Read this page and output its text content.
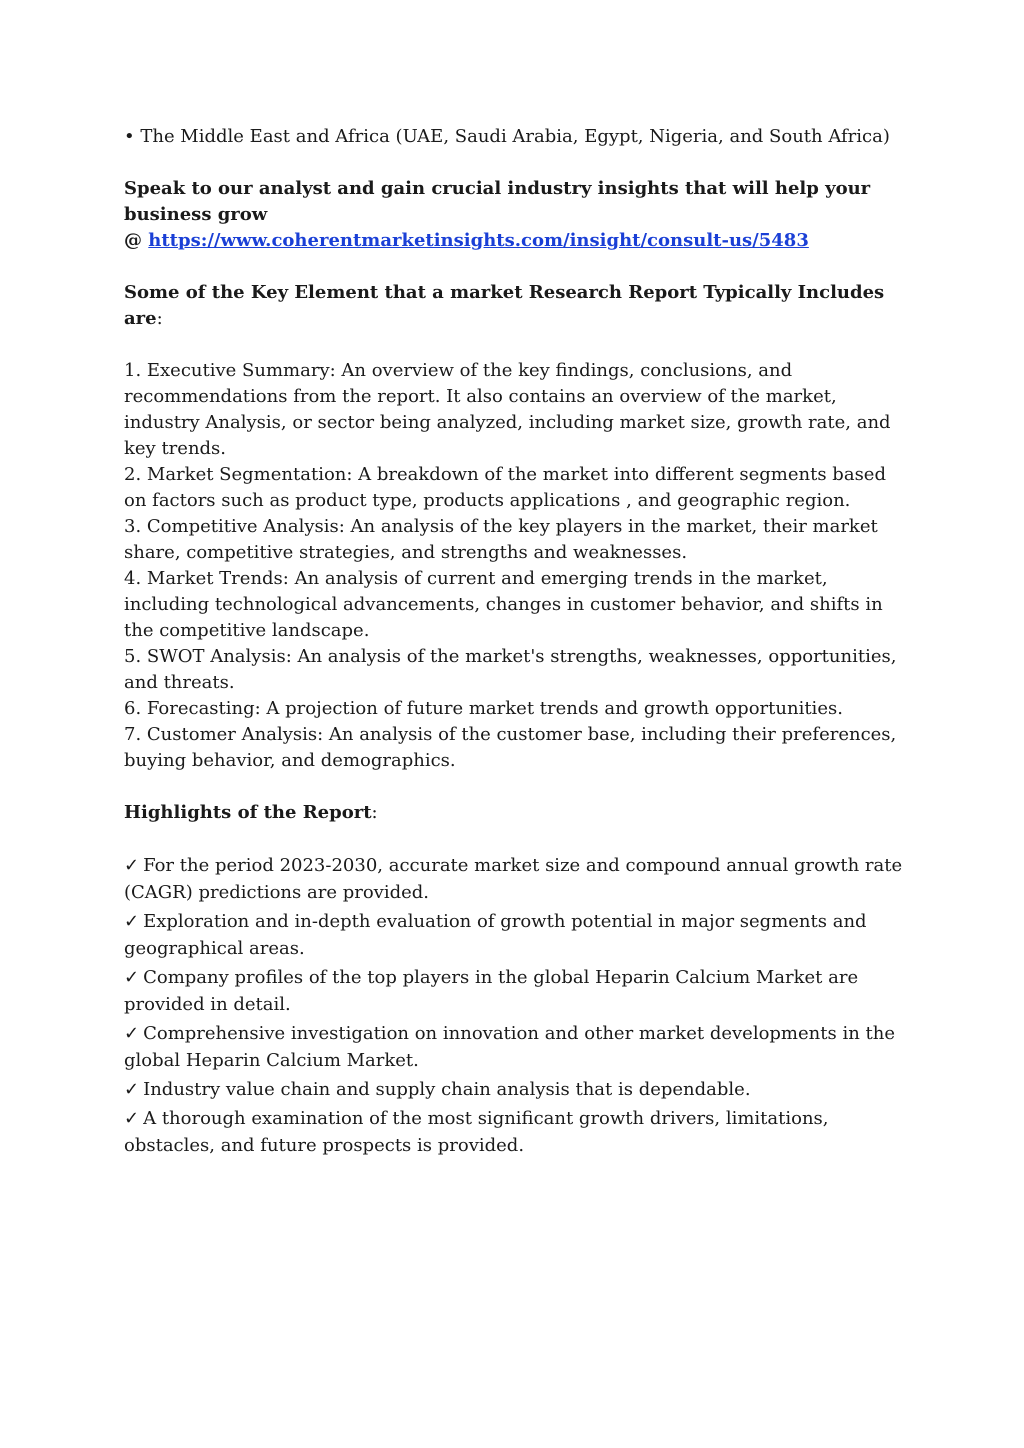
• The Middle East and Africa (UAE, Saudi Arabia, Egypt, Nigeria, and South Africa)

Speak to our analyst and gain crucial industry insights that will help your business grow

@ https://www.coherentmarketinsights.com/insight/consult-us/5483

Some of the Key Element that a market Research Report Typically Includes are:

1. Executive Summary: An overview of the key findings, conclusions, and recommendations from the report. It also contains an overview of the market, industry Analysis, or sector being analyzed, including market size, growth rate, and key trends.

2. Market Segmentation: A breakdown of the market into different segments based on factors such as product type, products applications , and geographic region.

3. Competitive Analysis: An analysis of the key players in the market, their market share, competitive strategies, and strengths and weaknesses.

4. Market Trends: An analysis of current and emerging trends in the market, including technological advancements, changes in customer behavior, and shifts in the competitive landscape.

5. SWOT Analysis: An analysis of the market's strengths, weaknesses, opportunities, and threats.

6. Forecasting: A projection of future market trends and growth opportunities.

7. Customer Analysis: An analysis of the customer base, including their preferences, buying behavior, and demographics.

Highlights of the Report:

✓ For the period 2023-2030, accurate market size and compound annual growth rate (CAGR) predictions are provided.

✓ Exploration and in-depth evaluation of growth potential in major segments and geographical areas.

✓ Company profiles of the top players in the global Heparin Calcium Market are provided in detail.

✓ Comprehensive investigation on innovation and other market developments in the global Heparin Calcium Market.

✓ Industry value chain and supply chain analysis that is dependable.

✓ A thorough examination of the most significant growth drivers, limitations, obstacles, and future prospects is provided.
